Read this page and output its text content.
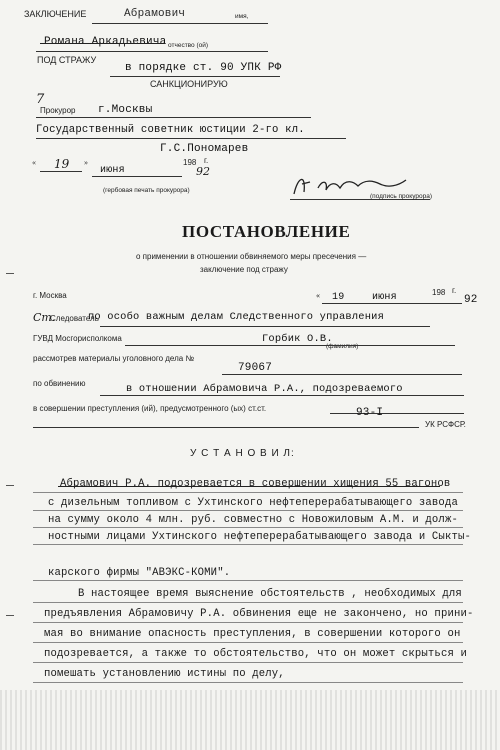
ЗАКЛЮЧЕНИЕ	Абрамович	имя,
Романа Аркадьевича отчество (ой)
ПОД СТРАЖУ
в порядке ст. 90 УПК РФ
САНКЦИОНИРУЮ
7
Прокурор г.Москвы
Государственный советник юстиции 2-го кл.
Г.С.Пономарев
« 19 »
июня
198 г.
92
(гербовая печать прокурора)
(подпись прокурора)
ПОСТАНОВЛЕНИЕ
о применении в отношении обвиняемого меры пресечения —
заключение под стражу
г. Москва	« 19	июня	198 г.
92
Ст.
Следователь
по особо важным делам Следственного управления
ГУВД Мосгорисполкома	Горбик О.В.
(фамилия)
рассмотрев материалы уголовного дела №
79067
по обвинению	в отношении Абрамовича Р.А., подозреваемого
в совершении преступления (ий), предусмотренного (ых) ст.ст.	93-I
УК РСФСР.
У С Т А Н О В И Л:
Абрамович Р.А. подозревается в совершении хищения 55 вагонов
с дизельным топливом с Ухтинского нефтеперерабатывающего завода
на сумму около 4 млн. руб. совместно с Новожиловым А.М. и долж-
ностными лицами Ухтинского нефтеперерабатывающего завода и Сыкты-
карского фирмы "АВЭКС-КОМИ".
В настоящее время выяснение обстоятельств , необходимых для
предъявления Абрамовичу Р.А. обвинения еще не закончено, но прини-
мая во внимание опасность преступления, в совершении которого он
подозревается, а также то обстоятельство, что он может скрыться и
помешать установлению истины по делу,
